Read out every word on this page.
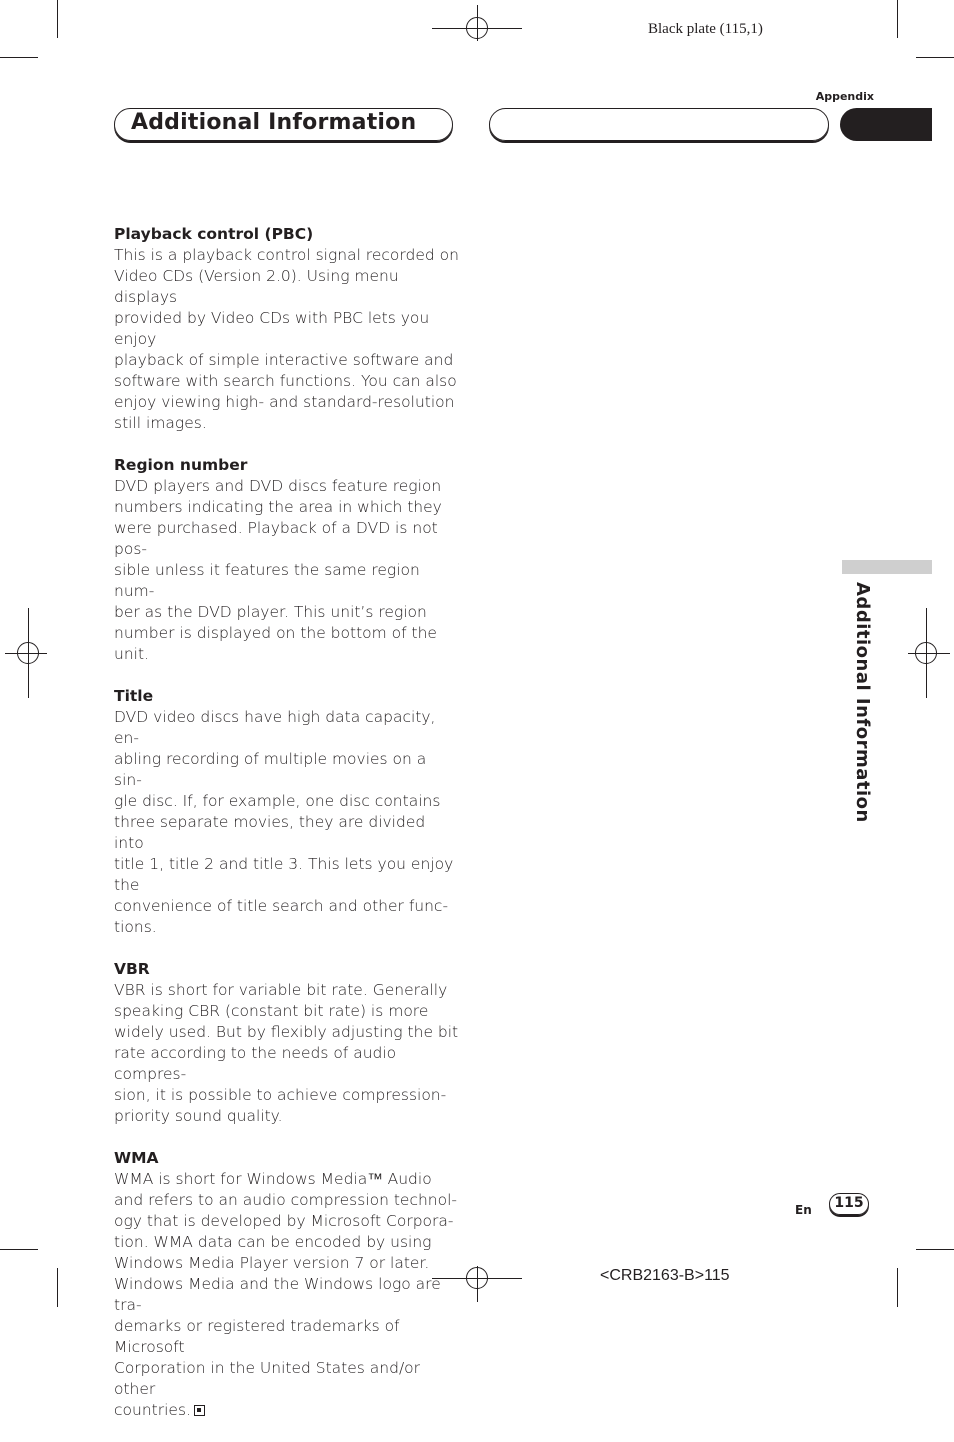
Black plate (115,1)
Appendix
Additional Information
Playback control (PBC)
This is a playback control signal recorded on
Video CDs (Version 2.0). Using menu displays
provided by Video CDs with PBC lets you enjoy
playback of simple interactive software and
software with search functions. You can also
enjoy viewing high- and standard-resolution
still images.
Region number
DVD players and DVD discs feature region
numbers indicating the area in which they
were purchased. Playback of a DVD is not pos-
sible unless it features the same region num-
ber as the DVD player. This unit’s region
number is displayed on the bottom of the unit.
Title
DVD video discs have high data capacity, en-
abling recording of multiple movies on a sin-
gle disc. If, for example, one disc contains
three separate movies, they are divided into
title 1, title 2 and title 3. This lets you enjoy the
convenience of title search and other func-
tions.
VBR
VBR is short for variable bit rate. Generally
speaking CBR (constant bit rate) is more
widely used. But by flexibly adjusting the bit
rate according to the needs of audio compres-
sion, it is possible to achieve compression-
priority sound quality.
WMA
WMA is short for Windows Media™ Audio
and refers to an audio compression technol-
ogy that is developed by Microsoft Corpora-
tion. WMA data can be encoded by using
Windows Media Player version 7 or later.
Windows Media and the Windows logo are tra-
demarks or registered trademarks of Microsoft
Corporation in the United States and/or other
countries.
Additional Information
En	115
<CRB2163-B>115
